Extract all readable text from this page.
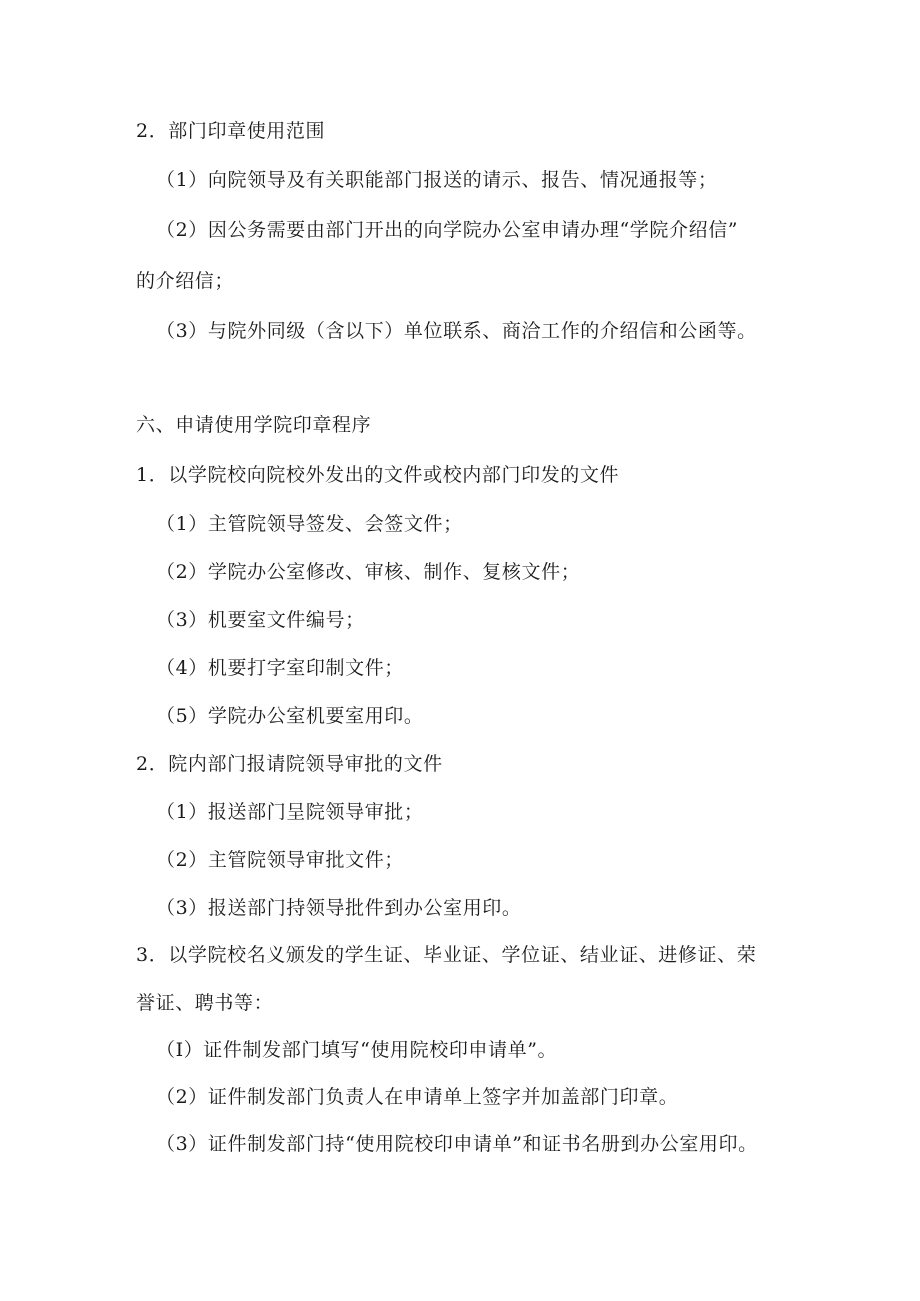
2．部门印章使用范围
（1）向院领导及有关职能部门报送的请示、报告、情况通报等；
（2）因公务需要由部门开出的向学院办公室申请办理“学院介绍信”
的介绍信；
（3）与院外同级（含以下）单位联系、商洽工作的介绍信和公函等。
六、申请使用学院印章程序
1．以学院校向院校外发出的文件或校内部门印发的文件
（1）主管院领导签发、会签文件；
（2）学院办公室修改、审核、制作、复核文件；
（3）机要室文件编号；
（4）机要打字室印制文件；
（5）学院办公室机要室用印。
2．院内部门报请院领导审批的文件
（1）报送部门呈院领导审批；
（2）主管院领导审批文件；
（3）报送部门持领导批件到办公室用印。
3．以学院校名义颁发的学生证、毕业证、学位证、结业证、进修证、荣
誉证、聘书等：
（I）证件制发部门填写“使用院校印申请单”。
（2）证件制发部门负责人在申请单上签字并加盖部门印章。
（3）证件制发部门持“使用院校印申请单”和证书名册到办公室用印。
